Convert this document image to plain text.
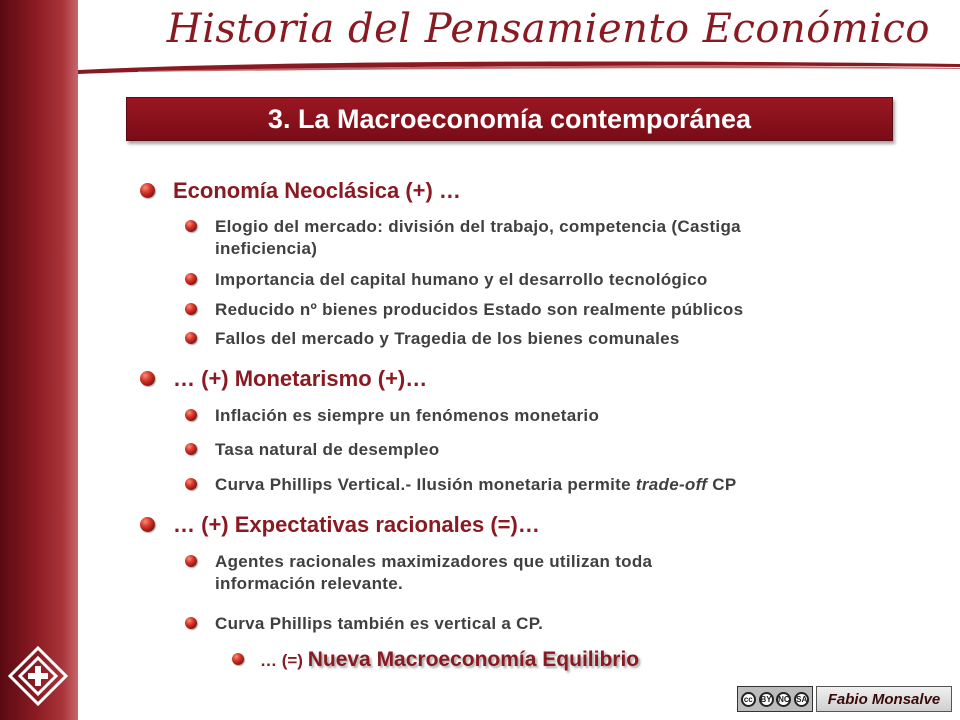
Historia del Pensamiento Económico
3. La Macroeconomía contemporánea
Economía Neoclásica (+) …
Elogio del mercado: división del trabajo, competencia (Castiga
ineficiencia)
Importancia del capital humano y el desarrollo tecnológico
Reducido nº bienes producidos Estado son realmente públicos
Fallos del mercado y Tragedia de los bienes comunales
… (+) Monetarismo (+)…
Inflación es siempre un fenómenos monetario
Tasa natural de desempleo
Curva Phillips Vertical.- Ilusión monetaria permite trade-off CP
… (+) Expectativas racionales (=)…
Agentes racionales maximizadores que utilizan toda
información relevante.
Curva Phillips también es vertical a CP.
… (=) Nueva Macroeconomía Equilibrio
cc BY NC SA	Fabio Monsalve
